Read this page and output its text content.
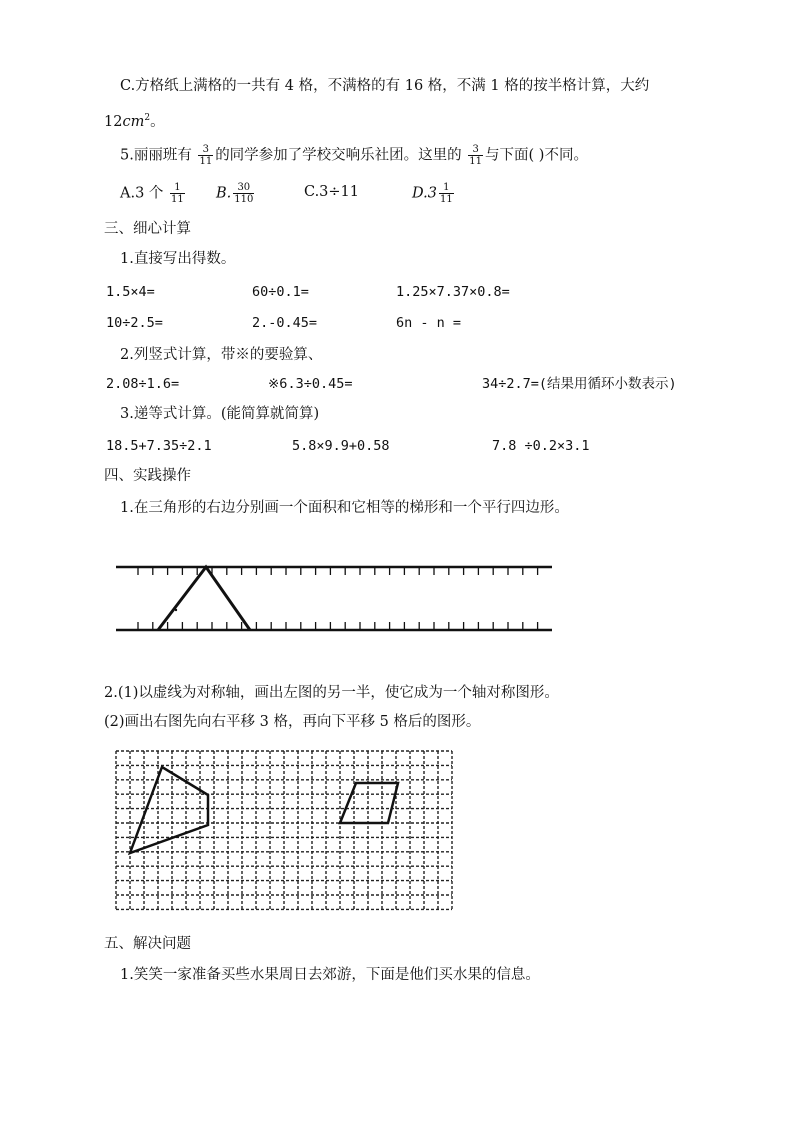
C.方格纸上满格的一共有 4 格，不满格的有 16 格，不满 1 格的按半格计算，大约
$12cm^2$。
5.丽丽班有 $\frac{3}{11}$ 的同学参加了学校交响乐社团。这里的 $\frac{3}{11}$ 与下面( )不同。
A.3 个 $\frac{1}{11} B$. $\frac{30}{110}$	C.3÷11	$D.3 \frac{1}{11}$
三、细心计算
1.直接写出得数。
1.5×4=	60÷0.1=	1.25×7.37×0.8=
10÷2.5=	2.-0.45=	6n - n =
2.列竖式计算，带※的要验算、
2.08÷1.6=	※6.3÷0.45=	34÷2.7=(结果用循环小数表示)
3.递等式计算。(能简算就简算)
18.5+7.35÷2.1	5.8×9.9+0.58	7.8 ÷0.2×3.1
四、实践操作
1.在三角形的右边分别画一个面积和它相等的梯形和一个平行四边形。
2.(1)以虚线为对称轴，画出左图的另一半，使它成为一个轴对称图形。
(2)画出右图先向右平移 3 格，再向下平移 5 格后的图形。
五、解决问题
1.笑笑一家准备买些水果周日去郊游，下面是他们买水果的信息。
